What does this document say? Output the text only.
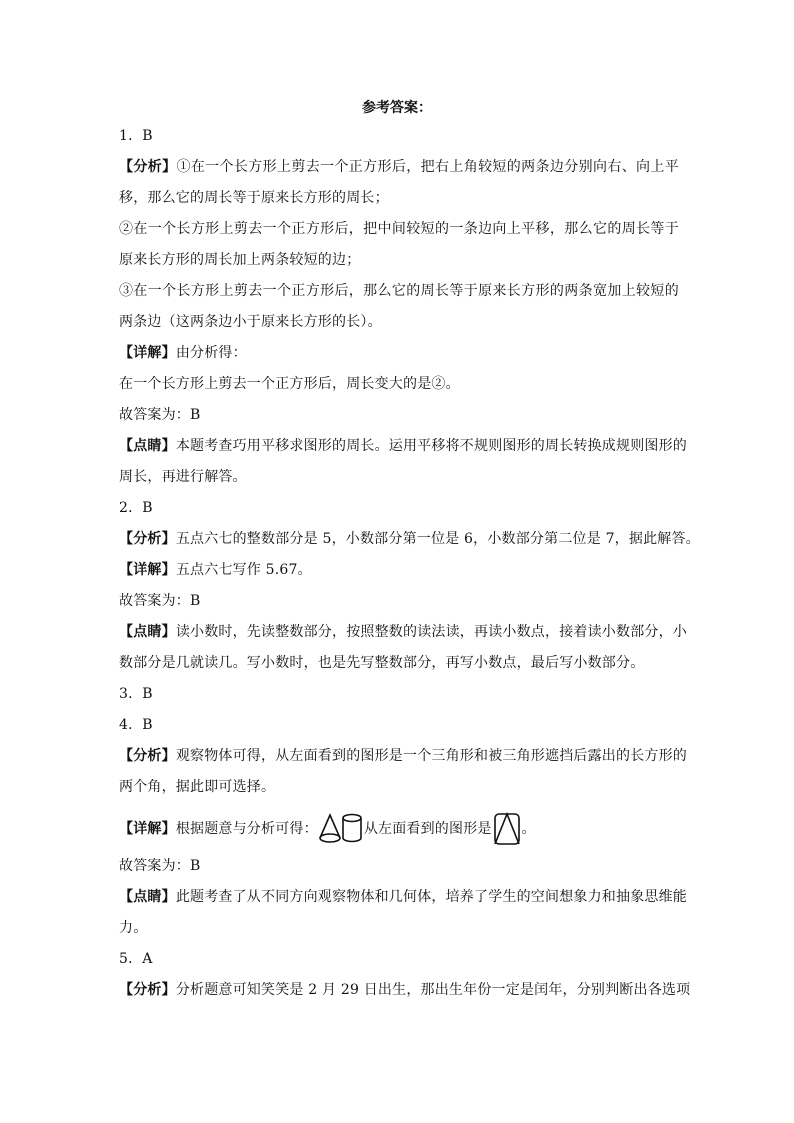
参考答案：
1．B
【分析】①在一个长方形上剪去一个正方形后，把右上角较短的两条边分别向右、向上平
移，那么它的周长等于原来长方形的周长；
②在一个长方形上剪去一个正方形后，把中间较短的一条边向上平移，那么它的周长等于
原来长方形的周长加上两条较短的边；
③在一个长方形上剪去一个正方形后，那么它的周长等于原来长方形的两条宽加上较短的
两条边（这两条边小于原来长方形的长）。
【详解】由分析得：
在一个长方形上剪去一个正方形后，周长变大的是②。
故答案为：B
【点睛】本题考查巧用平移求图形的周长。运用平移将不规则图形的周长转换成规则图形的
周长，再进行解答。
2．B
【分析】五点六七的整数部分是 5，小数部分第一位是 6，小数部分第二位是 7，据此解答。
【详解】五点六七写作 5.67。
故答案为：B
【点睛】读小数时，先读整数部分，按照整数的读法读，再读小数点，接着读小数部分，小
数部分是几就读几。写小数时，也是先写整数部分，再写小数点，最后写小数部分。
3．B
4．B
【分析】观察物体可得，从左面看到的图形是一个三角形和被三角形遮挡后露出的长方形的
两个角，据此即可选择。
【详解】根据题意与分析可得：	从左面看到的图形是 。
故答案为：B
【点睛】此题考查了从不同方向观察物体和几何体，培养了学生的空间想象力和抽象思维能
力。
5．A
【分析】分析题意可知笑笑是 2 月 29 日出生，那出生年份一定是闰年，分别判断出各选项
